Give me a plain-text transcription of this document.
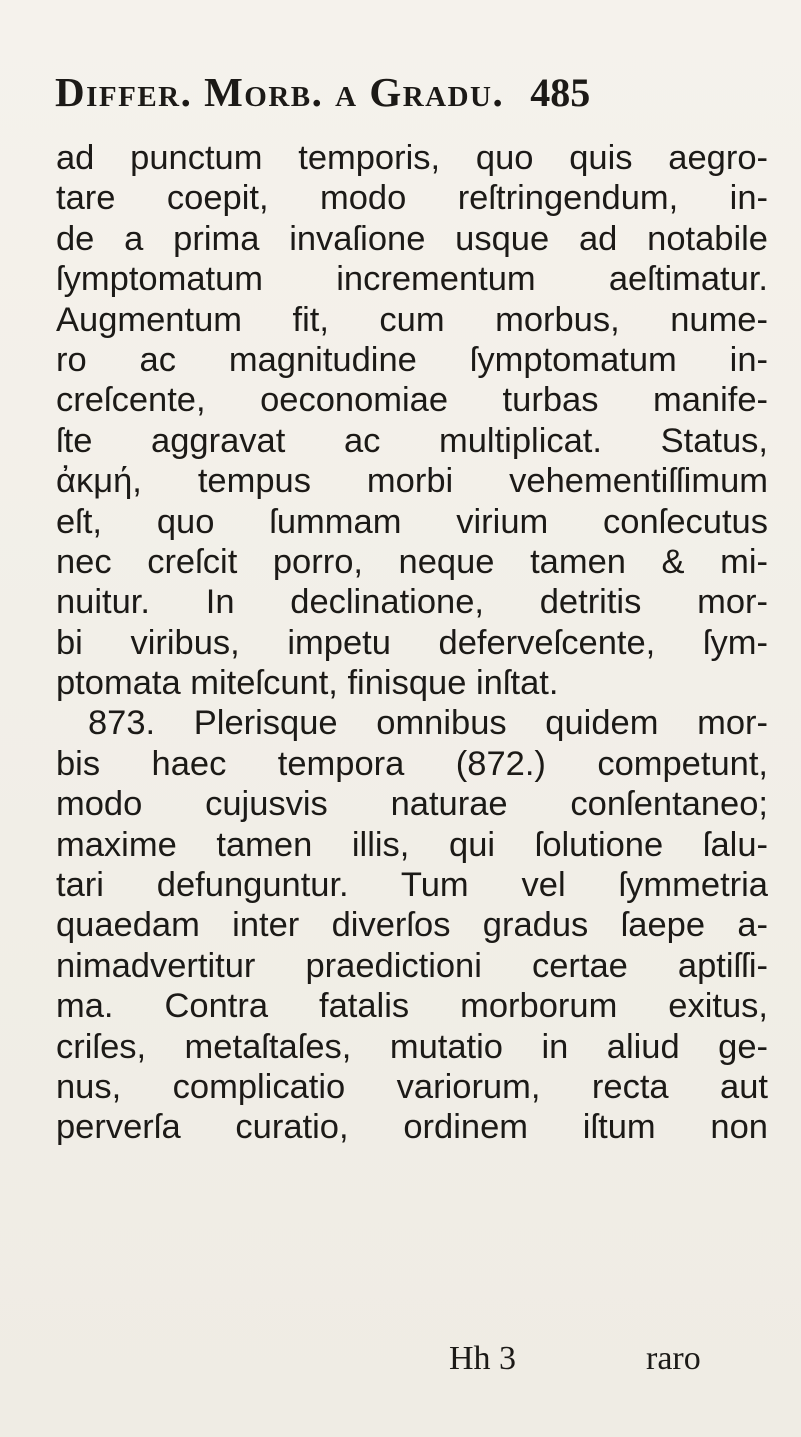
Differ. Morb. a Gradu. 485
ad punctum temporis, quo quis aegro-
tare coepit, modo reſtringendum, in-
de a prima invaſione usque ad notabile
ſymptomatum incrementum aeſtimatur.
Augmentum fit, cum morbus, nume-
ro ac magnitudine ſymptomatum in-
creſcente, oeconomiae turbas manife-
ſte aggravat ac multiplicat. Status,
ἀκμή, tempus morbi vehementiſſimum
eſt, quo ſummam virium conſecutus
nec creſcit porro, neque tamen & mi-
nuitur. In declinatione, detritis mor-
bi viribus, impetu deferveſcente, ſym-
ptomata miteſcunt, finisque inſtat.
873. Plerisque omnibus quidem mor-
bis haec tempora (872.) competunt,
modo cujusvis naturae conſentaneo;
maxime tamen illis, qui ſolutione ſalu-
tari defunguntur. Tum vel ſymmetria
quaedam inter diverſos gradus ſaepe a-
nimadvertitur praedictioni certae aptiſſi-
ma. Contra fatalis morborum exitus,
criſes, metaſtaſes, mutatio in aliud ge-
nus, complicatio variorum, recta aut
perverſa curatio, ordinem iſtum non
Hh 3	raro
